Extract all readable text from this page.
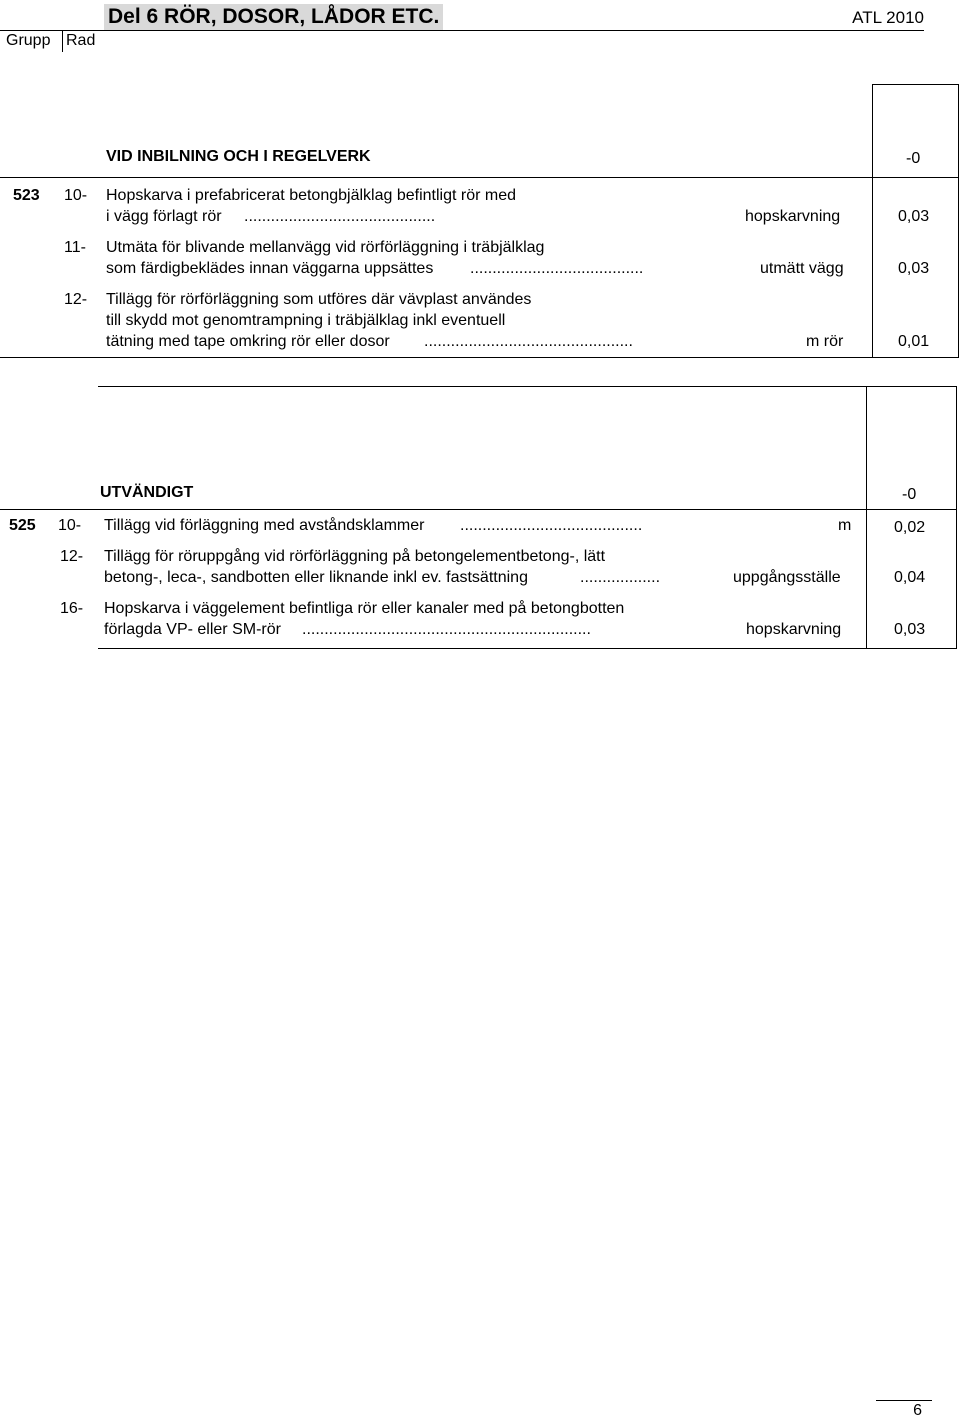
Del 6 RÖR, DOSOR, LÅDOR ETC.	ATL 2010
Grupp Rad
VID INBILNING OCH I REGELVERK	-0
523 10- Hopskarva i prefabricerat betongbjälklag befintligt rör med
i vägg förlagt rör ...........................................	hopskarvning	0,03
11- Utmäta för blivande mellanvägg vid rörförläggning i träbjälklag
som färdigbeklädes innan väggarna uppsättes .......................................	utmätt vägg	0,03
12- Tillägg för rörförläggning som utföres där vävplast användes
till skydd mot genomtrampning i träbjälklag inkl eventuell
tätning med tape omkring rör eller dosor ...............................................	m rör	0,01
UTVÄNDIGT	-0
525 10- Tillägg vid förläggning med avståndsklammer .........................................	m	0,02
12- Tillägg för röruppgång vid rörförläggning på betongelementbetong-, lätt
betong-, leca-, sandbotten eller liknande inkl ev. fastsättning	..................	uppgångsställe	0,04
16- Hopskarva i väggelement befintliga rör eller kanaler med på betongbotten
förlagda VP- eller SM-rör .................................................................	hopskarvning	0,03
6
